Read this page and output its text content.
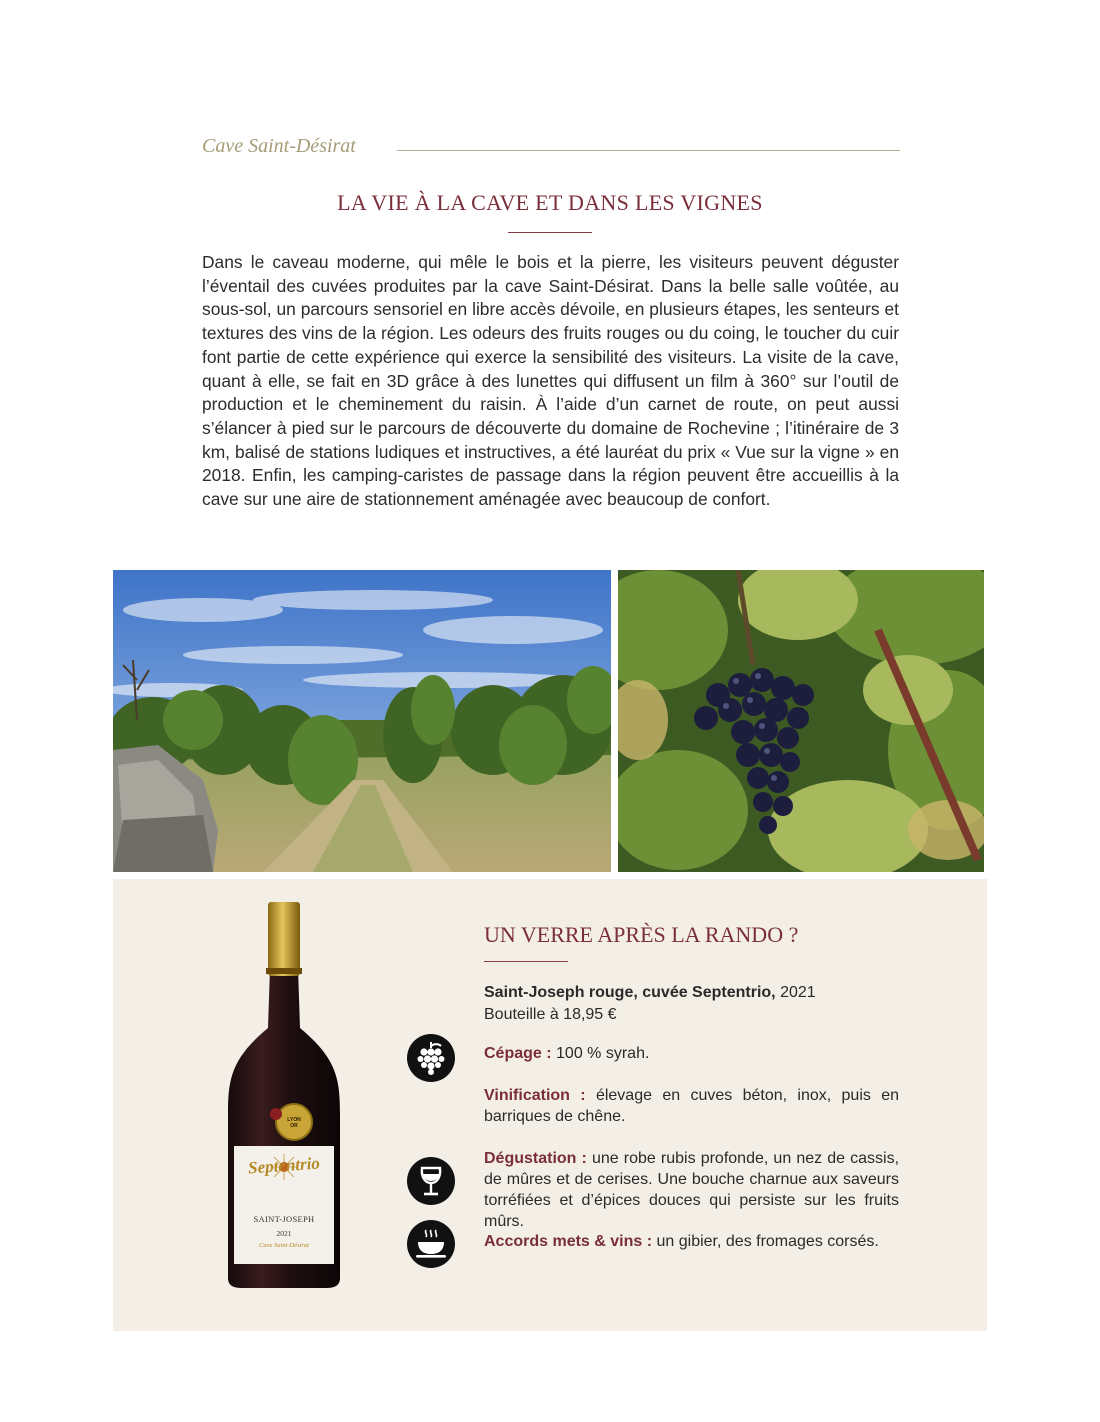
Cave Saint-Désirat
LA VIE À LA CAVE ET DANS LES VIGNES
Dans le caveau moderne, qui mêle le bois et la pierre, les visiteurs peuvent déguster l’éventail des cuvées produites par la cave Saint-Désirat. Dans la belle salle voûtée, au sous-sol, un parcours sensoriel en libre accès dévoile, en plusieurs étapes, les senteurs et textures des vins de la région. Les odeurs des fruits rouges ou du coing, le toucher du cuir font partie de cette expérience qui exerce la sensibilité des visiteurs. La visite de la cave, quant à elle, se fait en 3D grâce à des lunettes qui diffusent un film à 360° sur l’outil de production et le cheminement du raisin. À l’aide d’un carnet de route, on peut aussi s’élancer à pied sur le parcours de découverte du domaine de Rochevine ; l’itinéraire de 3 km, balisé de stations ludiques et instructives, a été lauréat du prix « Vue sur la vigne » en 2018. Enfin, les camping-caristes de passage dans la région peuvent être accueillis à la cave sur une aire de stationnement aménagée avec beaucoup de confort.
LYON
OR
Septentrio
SAINT-JOSEPH
2021
Cave Saint-Désirat
UN VERRE APRÈS LA RANDO ?
Saint-Joseph rouge, cuvée Septentrio, 2021
Bouteille à 18,95 €
Cépage : 100 % syrah.
Vinification : élevage en cuves béton, inox, puis en barriques de chêne.
Dégustation : une robe rubis profonde, un nez de cassis, de mûres et de cerises. Une bouche charnue aux saveurs torréfiées et d’épices douces qui persiste sur les fruits mûrs.
Accords mets & vins : un gibier, des fromages corsés.
